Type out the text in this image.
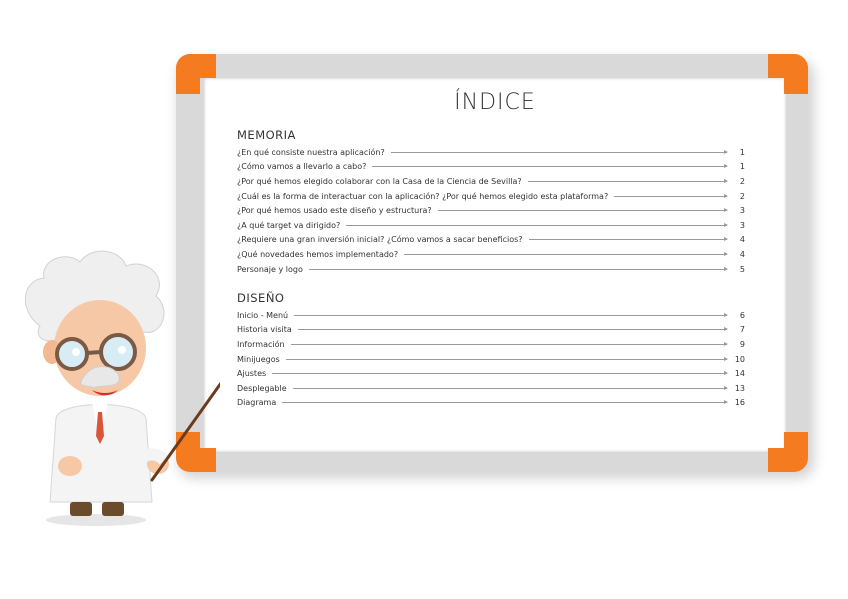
ÍNDICE
MEMORIA
¿En qué consiste nuestra aplicación?	1
¿Cómo vamos a llevarlo a cabo?	1
¿Por qué hemos elegido colaborar con la Casa de la Ciencia de Sevilla?	2
¿Cuál es la forma de interactuar con la aplicación? ¿Por qué hemos elegido esta plataforma?	2
¿Por qué hemos usado este diseño y estructura?	3
¿A qué target va dirigido?	3
¿Requiere una gran inversión inicial? ¿Cómo vamos a sacar beneficios?	4
¿Qué novedades hemos implementado?	4
Personaje y logo	5
DISEÑO
Inicio - Menú	6
Historia visita	7
Información	9
Minijuegos	10
Ajustes	14
Desplegable	13
Diagrama	16
